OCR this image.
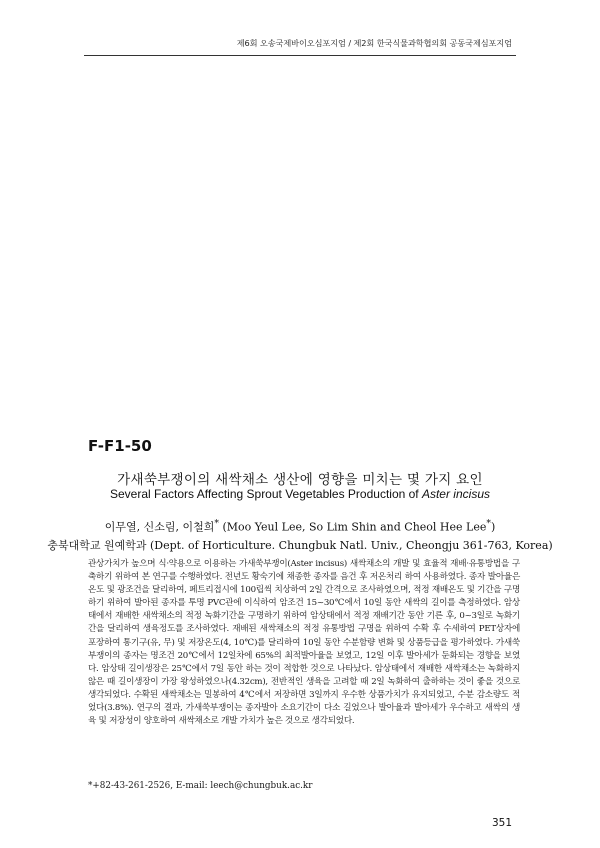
제6회 오송국제바이오심포지엄 / 제2회 한국식물과학협의회 공동국제심포지엄
F-F1-50
가새쑥부쟁이의 새싹채소 생산에 영향을 미치는 몇 가지 요인
Several Factors Affecting Sprout Vegetables Production of Aster incisus
이무열, 신소림, 이철희* (Moo Yeul Lee, So Lim Shin and Cheol Hee Lee*)
충북대학교 원예학과 (Dept. of Horticulture. Chungbuk Natl. Univ., Cheongju 361-763, Korea)

관상가치가 높으며 식·약용으로 이용하는 가새쑥부쟁이(Aster incisus) 새싹채소의 개발 및 효율적 재배·유통방법을 구축하기 위하여 본 연구를 수행하였다. 전년도 황숙기에 채종한 종자를 음건 후 저온처리 하여 사용하였다. 종자 발아율은 온도 및 광조건을 달리하여, 페트리접시에 100립씩 치상하여 2일 간격으로 조사하였으며, 적정 재배온도 및 기간을 구명하기 위하여 발아된 종자를 투명 PVC관에 이식하여 암조건 15~30℃에서 10일 동안 새싹의 길이를 측정하였다. 암상태에서 재배한 새싹채소의 적정 녹화기간을 구명하기 위하여 암상태에서 적정 재배기간 동안 기른 후, 0~3일로 녹화기간을 달리하여 생육정도를 조사하였다. 재배된 새싹채소의 적정 유통방법 구명을 위하여 수확 후 수세하여 PET상자에 포장하여 통기구(유, 무) 및 저장온도(4, 10℃)를 달리하여 10일 동안 수분함량 변화 및 상품등급을 평가하였다. 가새쑥부쟁이의 종자는 명조건 20℃에서 12일차에 65%의 최적발아율을 보였고, 12일 이후 발아세가 둔화되는 경향을 보였다. 암상태 길이생장은 25℃에서 7일 동안 하는 것이 적합한 것으로 나타났다. 암상태에서 재배한 새싹채소는 녹화하지 않은 때 길이생장이 가장 왕성하였으나(4.32cm), 전반적인 생육을 고려할 때 2일 녹화하여 출하하는 것이 좋을 것으로 생각되었다. 수확된 새싹채소는 밀봉하여 4℃에서 저장하면 3일까지 우수한 상품가치가 유지되었고, 수분 감소량도 적었다(3.8%). 연구의 결과, 가새쑥부쟁이는 종자발아 소요기간이 다소 길었으나 발아율과 발아세가 우수하고 새싹의 생육 및 저장성이 양호하여 새싹채소로 개발 가치가 높은 것으로 생각되었다.

*+82-43-261-2526, E-mail: leech@chungbuk.ac.kr
351
